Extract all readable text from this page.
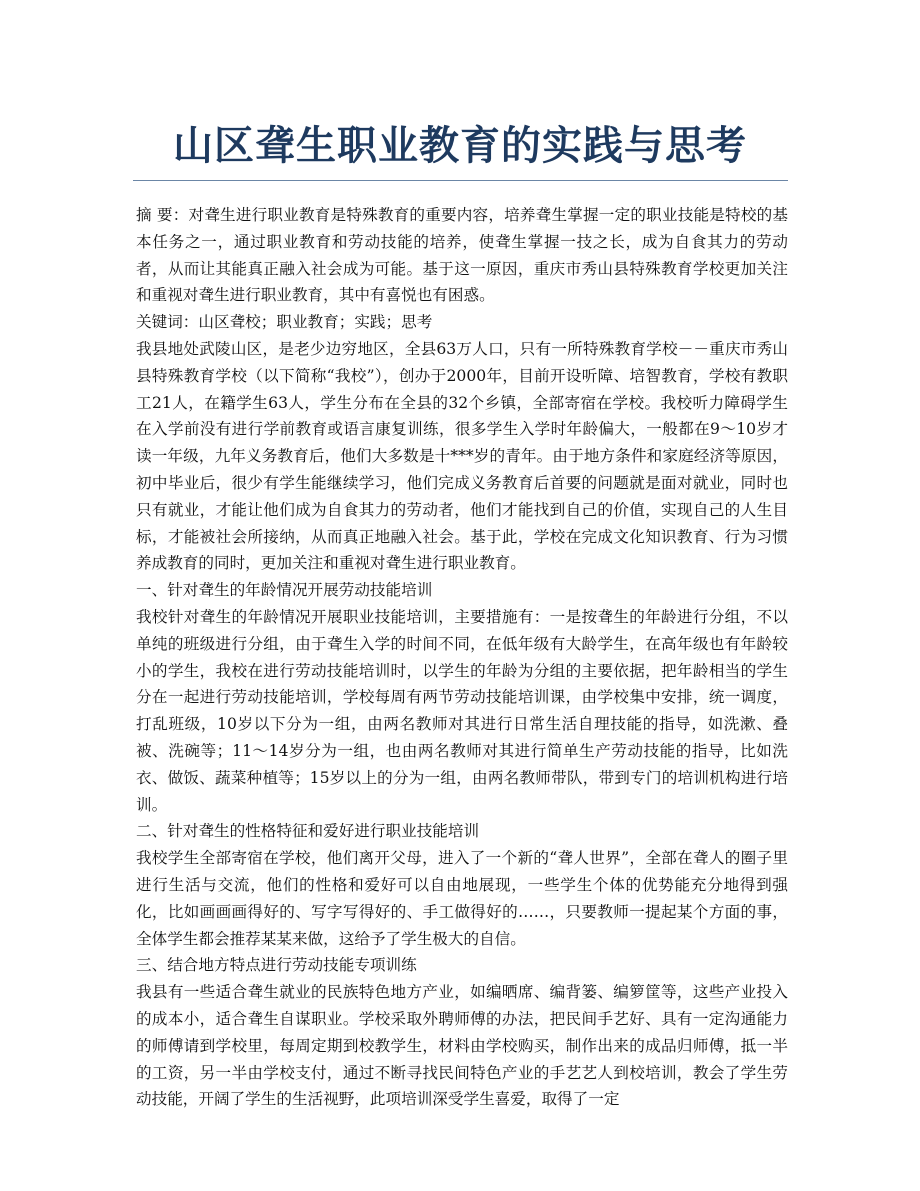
山区聋生职业教育的实践与思考

摘 要：对聋生进行职业教育是特殊教育的重要内容，培养聋生掌握一定的职业技能是特校的基本任务之一，通过职业教育和劳动技能的培养，使聋生掌握一技之长，成为自食其力的劳动者，从而让其能真正融入社会成为可能。基于这一原因，重庆市秀山县特殊教育学校更加关注和重视对聋生进行职业教育，其中有喜悦也有困惑。

关键词：山区聋校；职业教育；实践；思考

我县地处武陵山区，是老少边穷地区，全县63万人口，只有一所特殊教育学校－－重庆市秀山县特殊教育学校（以下简称“我校”），创办于2000年，目前开设听障、培智教育，学校有教职工21人，在籍学生63人，学生分布在全县的32个乡镇，全部寄宿在学校。我校听力障碍学生在入学前没有进行学前教育或语言康复训练，很多学生入学时年龄偏大，一般都在9～10岁才读一年级，九年义务教育后，他们大多数是十***岁的青年。由于地方条件和家庭经济等原因，初中毕业后，很少有学生能继续学习，他们完成义务教育后首要的问题就是面对就业，同时也只有就业，才能让他们成为自食其力的劳动者，他们才能找到自己的价值，实现自己的人生目标，才能被社会所接纳，从而真正地融入社会。基于此，学校在完成文化知识教育、行为习惯养成教育的同时，更加关注和重视对聋生进行职业教育。

一、针对聋生的年龄情况开展劳动技能培训

我校针对聋生的年龄情况开展职业技能培训，主要措施有：一是按聋生的年龄进行分组，不以单纯的班级进行分组，由于聋生入学的时间不同，在低年级有大龄学生，在高年级也有年龄较小的学生，我校在进行劳动技能培训时，以学生的年龄为分组的主要依据，把年龄相当的学生分在一起进行劳动技能培训，学校每周有两节劳动技能培训课，由学校集中安排，统一调度，打乱班级，10岁以下分为一组，由两名教师对其进行日常生活自理技能的指导，如洗漱、叠被、洗碗等；11～14岁分为一组，也由两名教师对其进行简单生产劳动技能的指导，比如洗衣、做饭、蔬菜种植等；15岁以上的分为一组，由两名教师带队，带到专门的培训机构进行培训。

二、针对聋生的性格特征和爱好进行职业技能培训

我校学生全部寄宿在学校，他们离开父母，进入了一个新的“聋人世界”，全部在聋人的圈子里进行生活与交流，他们的性格和爱好可以自由地展现，一些学生个体的优势能充分地得到强化，比如画画画得好的、写字写得好的、手工做得好的……，只要教师一提起某个方面的事，全体学生都会推荐某某来做，这给予了学生极大的自信。

三、结合地方特点进行劳动技能专项训练

我县有一些适合聋生就业的民族特色地方产业，如编晒席、编背篓、编箩筐等，这些产业投入的成本小，适合聋生自谋职业。学校采取外聘师傅的办法，把民间手艺好、具有一定沟通能力的师傅请到学校里，每周定期到校教学生，材料由学校购买，制作出来的成品归师傅，抵一半的工资，另一半由学校支付，通过不断寻找民间特色产业的手艺艺人到校培训，教会了学生劳动技能，开阔了学生的生活视野，此项培训深受学生喜爱，取得了一定
